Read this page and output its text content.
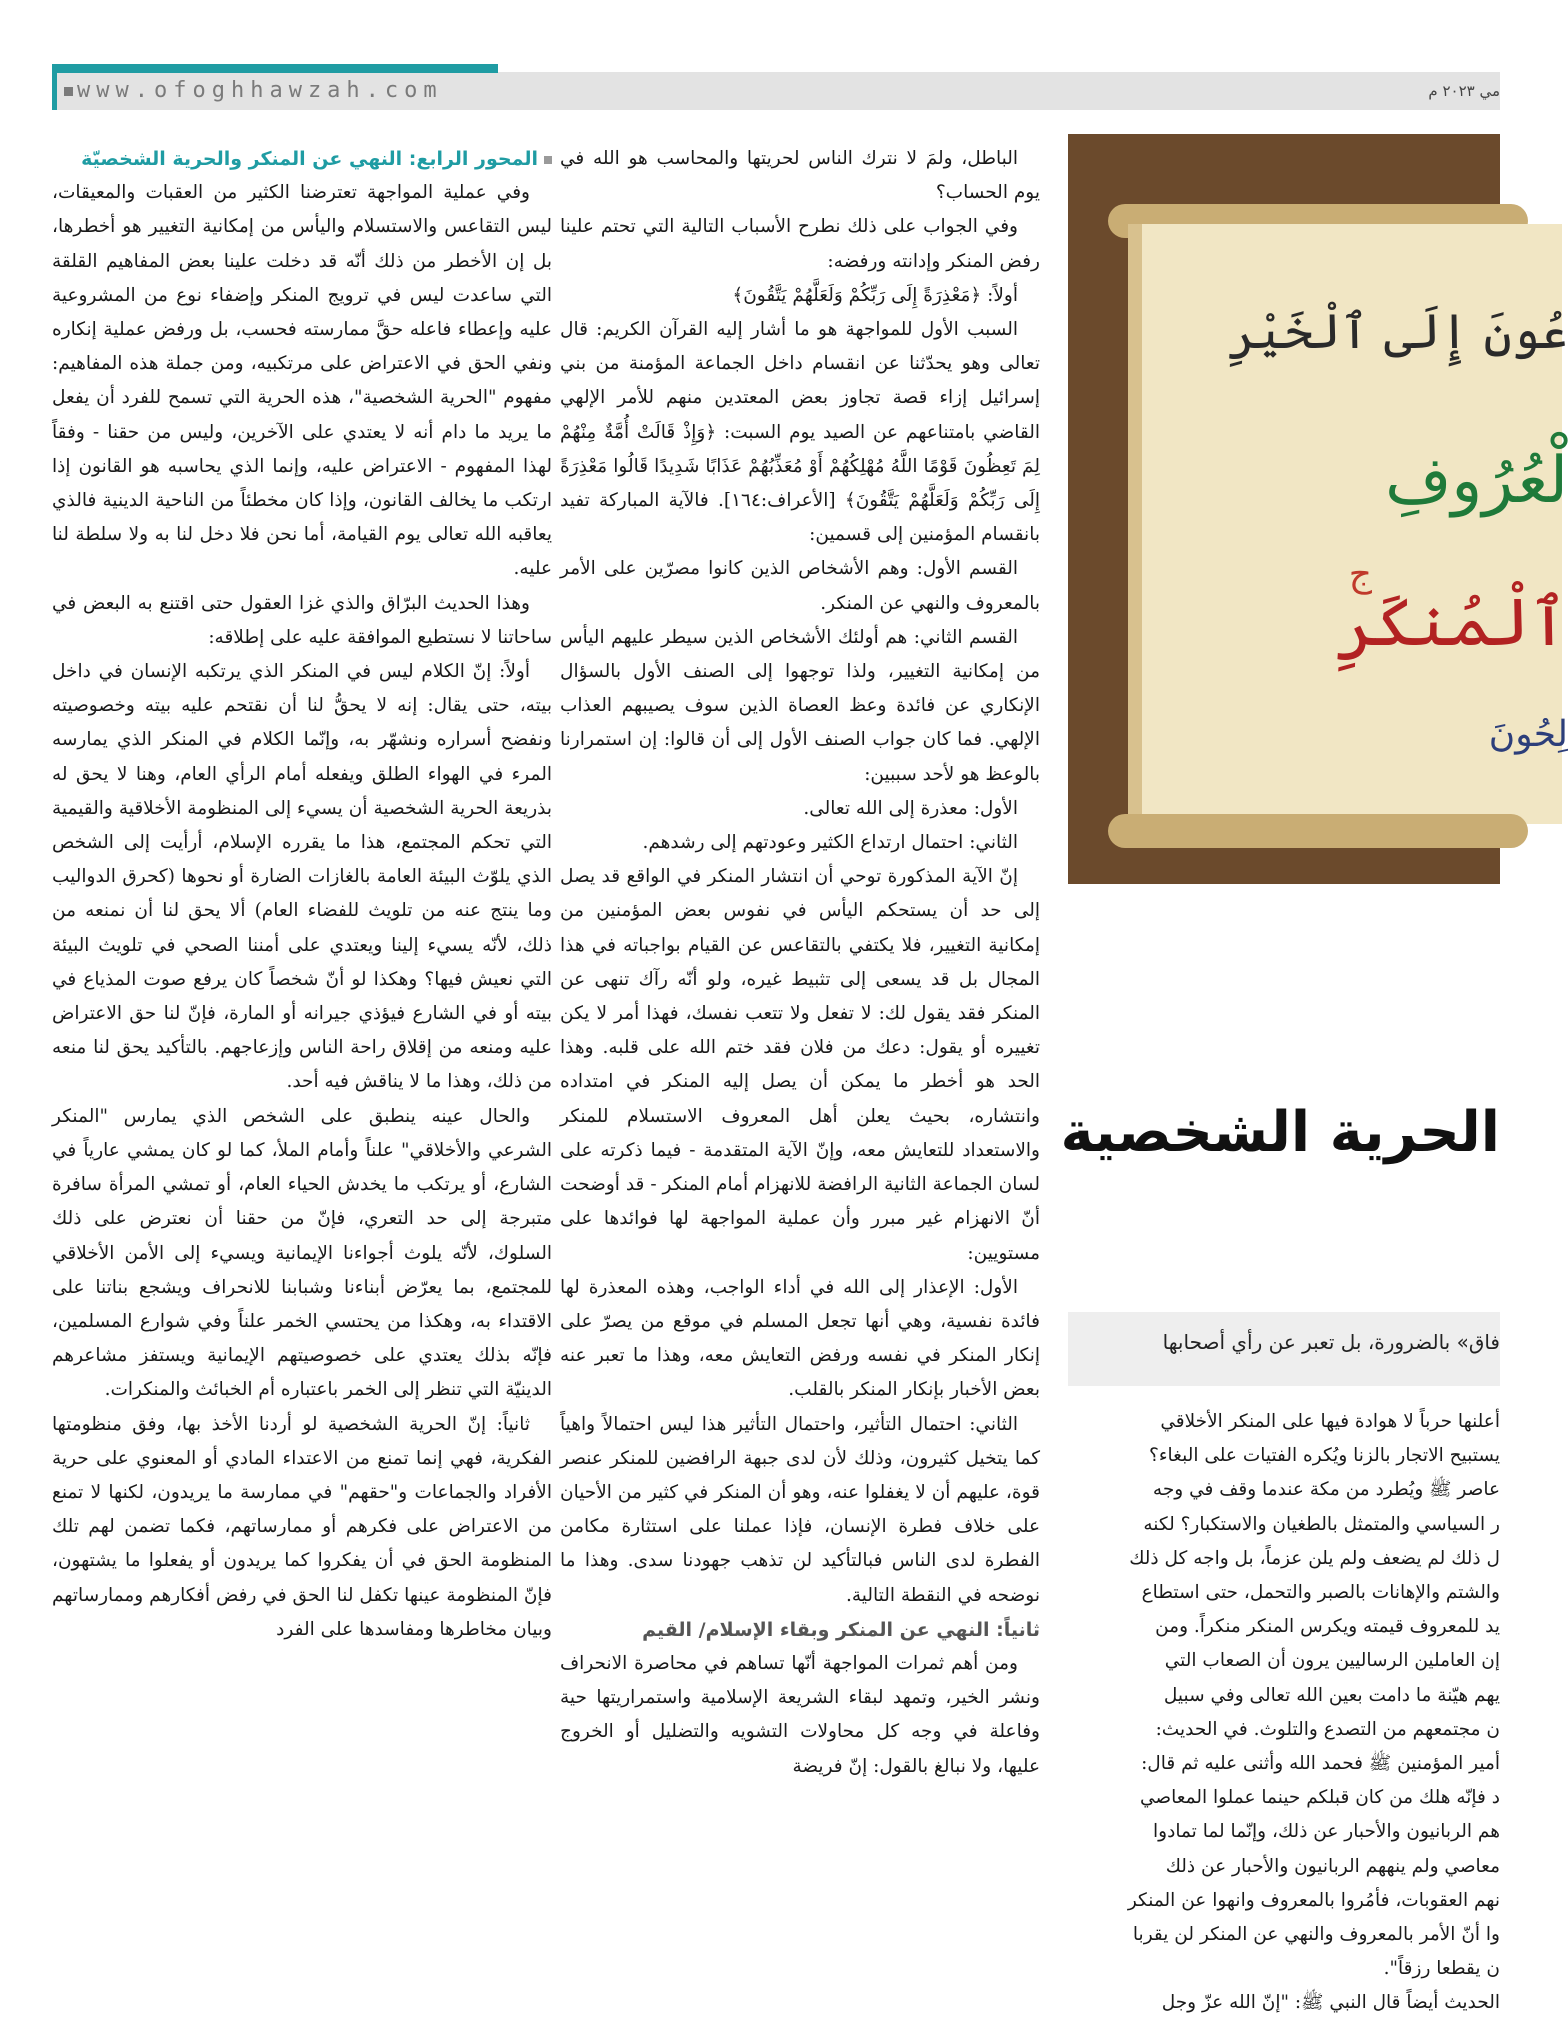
www.ofoghhawzah.com	مي ٢٠٢٣ م

المحور الرابع: النهي عن المنكر والحرية الشخصيّة

وفي عملية المواجهة تعترضنا الكثير من العقبات والمعيقات، ليس التقاعس والاستسلام واليأس من إمكانية التغيير هو أخطرها، بل إن الأخطر من ذلك أنّه قد دخلت علينا بعض المفاهيم القلقة التي ساعدت ليس في ترويج المنكر وإضفاء نوع من المشروعية عليه وإعطاء فاعله حقَّ ممارسته فحسب، بل ورفض عملية إنكاره ونفي الحق في الاعتراض على مرتكبيه، ومن جملة هذه المفاهيم: مفهوم "الحرية الشخصية"، هذه الحرية التي تسمح للفرد أن يفعل ما يريد ما دام أنه لا يعتدي على الآخرين، وليس من حقنا - وفقاً لهذا المفهوم - الاعتراض عليه، وإنما الذي يحاسبه هو القانون إذا ارتكب ما يخالف القانون، وإذا كان مخطئاً من الناحية الدينية فالذي يعاقبه الله تعالى يوم القيامة، أما نحن فلا دخل لنا به ولا سلطة لنا عليه.

وهذا الحديث البرّاق والذي غزا العقول حتى اقتنع به البعض في ساحاتنا لا نستطيع الموافقة عليه على إطلاقه:

أولاً: إنّ الكلام ليس في المنكر الذي يرتكبه الإنسان في داخل بيته، حتى يقال: إنه لا يحقُّ لنا أن نقتحم عليه بيته وخصوصيته ونفضح أسراره ونشهّر به، وإنّما الكلام في المنكر الذي يمارسه المرء في الهواء الطلق ويفعله أمام الرأي العام، وهنا لا يحق له بذريعة الحرية الشخصية أن يسيء إلى المنظومة الأخلاقية والقيمية التي تحكم المجتمع، هذا ما يقرره الإسلام، أرأيت إلى الشخص الذي يلوّث البيئة العامة بالغازات الضارة أو نحوها (كحرق الدواليب وما ينتج عنه من تلويث للفضاء العام) ألا يحق لنا أن نمنعه من ذلك، لأنّه يسيء إلينا ويعتدي على أمننا الصحي في تلويث البيئة التي نعيش فيها؟ وهكذا لو أنّ شخصاً كان يرفع صوت المذياع في بيته أو في الشارع فيؤذي جيرانه أو المارة، فإنّ لنا حق الاعتراض عليه ومنعه من إقلاق راحة الناس وإزعاجهم. بالتأكيد يحق لنا منعه من ذلك، وهذا ما لا يناقش فيه أحد.

والحال عينه ينطبق على الشخص الذي يمارس "المنكر الشرعي والأخلاقي" علناً وأمام الملأ، كما لو كان يمشي عارياً في الشارع، أو يرتكب ما يخدش الحياء العام، أو تمشي المرأة سافرة متبرجة إلى حد التعري، فإنّ من حقنا أن نعترض على ذلك السلوك، لأنّه يلوث أجواءنا الإيمانية ويسيء إلى الأمن الأخلاقي للمجتمع، بما يعرّض أبناءنا وشبابنا للانحراف ويشجع بناتنا على الاقتداء به، وهكذا من يحتسي الخمر علناً وفي شوارع المسلمين، فإنّه بذلك يعتدي على خصوصيتهم الإيمانية ويستفز مشاعرهم الدينيّة التي تنظر إلى الخمر باعتباره أم الخبائث والمنكرات.

ثانياً: إنّ الحرية الشخصية لو أردنا الأخذ بها، وفق منظومتها الفكرية، فهي إنما تمنع من الاعتداء المادي أو المعنوي على حرية الأفراد والجماعات و"حقهم" في ممارسة ما يريدون، لكنها لا تمنع من الاعتراض على فكرهم أو ممارساتهم، فكما تضمن لهم تلك المنظومة الحق في أن يفكروا كما يريدون أو يفعلوا ما يشتهون، فإنّ المنظومة عينها تكفل لنا الحق في رفض أفكارهم وممارساتهم وبيان مخاطرها ومفاسدها على الفرد

الباطل، ولمَ لا نترك الناس لحريتها والمحاسب هو الله في يوم الحساب؟

وفي الجواب على ذلك نطرح الأسباب التالية التي تحتم علينا رفض المنكر وإدانته ورفضه:

أولاً: ﴿مَعْذِرَةً إِلَى رَبِّكُمْ وَلَعَلَّهُمْ يَتَّقُونَ﴾

السبب الأول للمواجهة هو ما أشار إليه القرآن الكريم: قال تعالى وهو يحدّثنا عن انقسام داخل الجماعة المؤمنة من بني إسرائيل إزاء قصة تجاوز بعض المعتدين منهم للأمر الإلهي القاضي بامتناعهم عن الصيد يوم السبت: ﴿وَإِذْ قَالَتْ أُمَّةٌ مِنْهُمْ لِمَ تَعِظُونَ قَوْمًا اللَّهُ مُهْلِكُهُمْ أَوْ مُعَذِّبُهُمْ عَذَابًا شَدِيدًا قَالُوا مَعْذِرَةً إِلَى رَبِّكُمْ وَلَعَلَّهُمْ يَتَّقُونَ﴾ [الأعراف:١٦٤]. فالآية المباركة تفيد بانقسام المؤمنين إلى قسمين:

القسم الأول: وهم الأشخاص الذين كانوا مصرّين على الأمر بالمعروف والنهي عن المنكر.

القسم الثاني: هم أولئك الأشخاص الذين سيطر عليهم اليأس من إمكانية التغيير، ولذا توجهوا إلى الصنف الأول بالسؤال الإنكاري عن فائدة وعظ العصاة الذين سوف يصيبهم العذاب الإلهي. فما كان جواب الصنف الأول إلى أن قالوا: إن استمرارنا بالوعظ هو لأحد سببين:

الأول: معذرة إلى الله تعالى.

الثاني: احتمال ارتداع الكثير وعودتهم إلى رشدهم.

إنّ الآية المذكورة توحي أن انتشار المنكر في الواقع قد يصل إلى حد أن يستحكم اليأس في نفوس بعض المؤمنين من إمكانية التغيير، فلا يكتفي بالتقاعس عن القيام بواجباته في هذا المجال بل قد يسعى إلى تثبيط غيره، ولو أنّه رآك تنهى عن المنكر فقد يقول لك: لا تفعل ولا تتعب نفسك، فهذا أمر لا يكن تغييره أو يقول: دعك من فلان فقد ختم الله على قلبه. وهذا الحد هو أخطر ما يمكن أن يصل إليه المنكر في امتداده وانتشاره، بحيث يعلن أهل المعروف الاستسلام للمنكر والاستعداد للتعايش معه، وإنّ الآية المتقدمة - فيما ذكرته على لسان الجماعة الثانية الرافضة للانهزام أمام المنكر - قد أوضحت أنّ الانهزام غير مبرر وأن عملية المواجهة لها فوائدها على مستويين:

الأول: الإعذار إلى الله في أداء الواجب، وهذه المعذرة لها فائدة نفسية، وهي أنها تجعل المسلم في موقع من يصرّ على إنكار المنكر في نفسه ورفض التعايش معه، وهذا ما تعبر عنه بعض الأخبار بإنكار المنكر بالقلب.

الثاني: احتمال التأثير، واحتمال التأثير هذا ليس احتمالاً واهياً كما يتخيل كثيرون، وذلك لأن لدى جبهة الرافضين للمنكر عنصر قوة، عليهم أن لا يغفلوا عنه، وهو أن المنكر في كثير من الأحيان على خلاف فطرة الإنسان، فإذا عملنا على استثارة مكامن الفطرة لدى الناس فبالتأكيد لن تذهب جهودنا سدى. وهذا ما نوضحه في النقطة التالية.

ثانياً: النهي عن المنكر وبقاء الإسلام/ القيم

ومن أهم ثمرات المواجهة أنّها تساهم في محاصرة الانحراف ونشر الخير، وتمهد لبقاء الشريعة الإسلامية واستمراريتها حية وفاعلة في وجه كل محاولات التشويه والتضليل أو الخروج عليها، ولا نبالغ بالقول: إنّ فريضة

عُونَ إِلَى ٱلْخَيْرِ
لْعُرُوفِ
ج
ٱلْمُنكَرِ
لِحُونَ
الحرية الشخصية
فاق» بالضرورة، بل تعبر عن رأي أصحابها

أعلنها حرباً لا هوادة فيها على المنكر الأخلاقي

يستبيح الاتجار بالزنا ويُكره الفتيات على البغاء؟

عاصر ﷺ ويُطرد من مكة عندما وقف في وجه

ر السياسي والمتمثل بالطغيان والاستكبار؟ لكنه

ل ذلك لم يضعف ولم يلن عزماً، بل واجه كل ذلك

والشتم والإهانات بالصبر والتحمل، حتى استطاع

يد للمعروف قيمته ويكرس المنكر منكراً. ومن

إن العاملين الرساليين يرون أن الصعاب التي

يهم هيّنة ما دامت بعين الله تعالى وفي سبيل

ن مجتمعهم من التصدع والتلوث. في الحديث:

أمير المؤمنين ﷺ فحمد الله وأثنى عليه ثم قال:

د فإنّه هلك من كان قبلكم حينما عملوا المعاصي

هم الربانيون والأحبار عن ذلك، وإنّما لما تمادوا

معاصي ولم ينههم الربانيون والأحبار عن ذلك

نهم العقوبات، فأمُروا بالمعروف وانهوا عن المنكر

وا أنّ الأمر بالمعروف والنهي عن المنكر لن يقربا

ن يقطعا رزقاً".

الحديث أيضاً قال النبي ﷺ: "إنّ الله عزّ وجل
